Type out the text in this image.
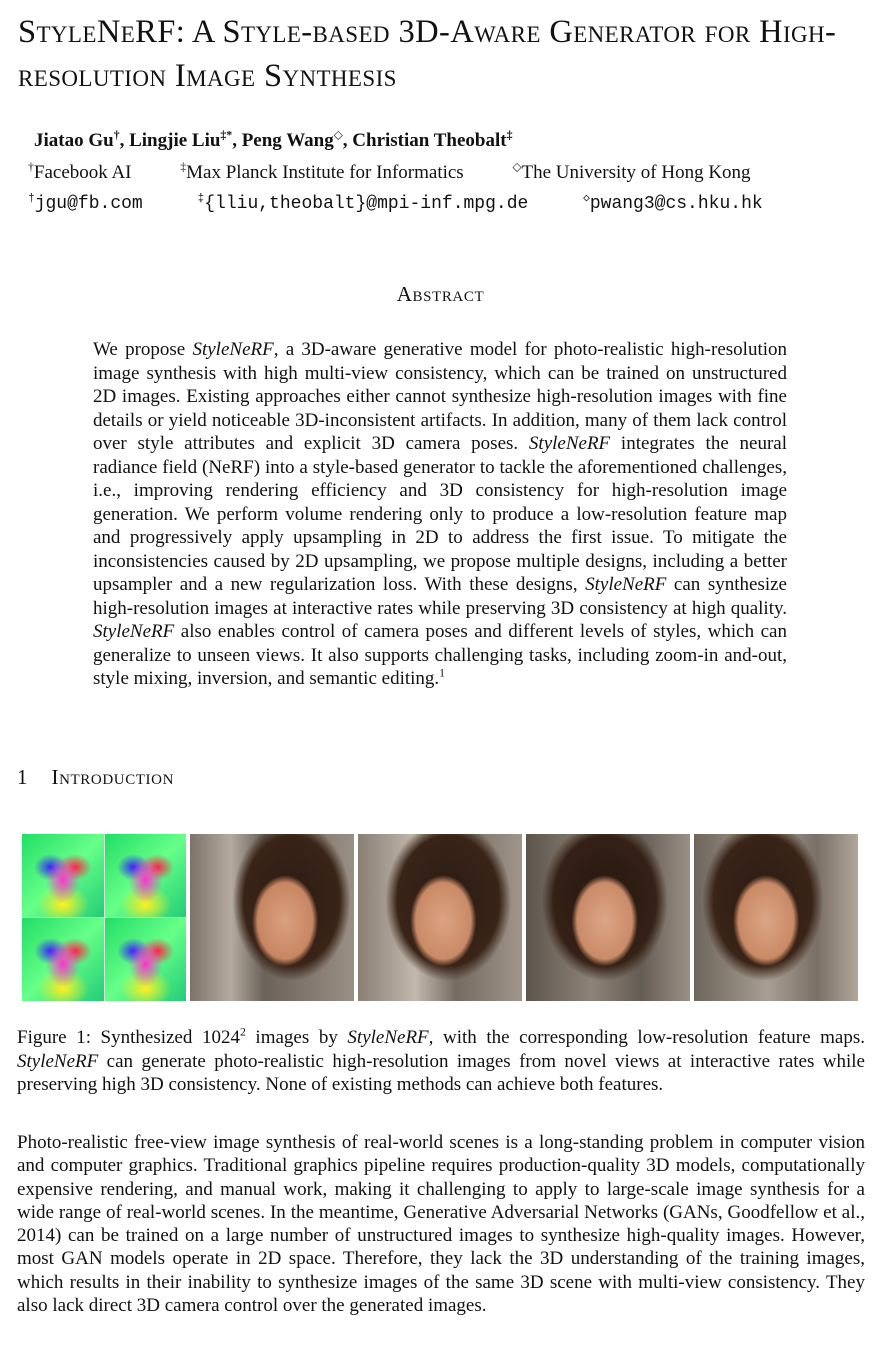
StyleNeRF: A Style-based 3D-Aware Generator for High-resolution Image Synthesis
Jiatao Gu†, Lingjie Liu‡*, Peng Wang◇, Christian Theobalt‡
†Facebook AI	‡Max Planck Institute for Informatics	◇The University of Hong Kong
†jgu@fb.com	‡{lliu,theobalt}@mpi-inf.mpg.de	◇pwang3@cs.hku.hk
Abstract

We propose StyleNeRF, a 3D-aware generative model for photo-realistic high-resolution image synthesis with high multi-view consistency, which can be trained on unstructured 2D images. Existing approaches either cannot synthesize high-resolution images with fine details or yield noticeable 3D-inconsistent artifacts. In addition, many of them lack control over style attributes and explicit 3D camera poses. StyleNeRF integrates the neural radiance field (NeRF) into a style-based generator to tackle the aforementioned challenges, i.e., improving rendering efficiency and 3D consistency for high-resolution image generation. We perform volume rendering only to produce a low-resolution feature map and progressively apply upsampling in 2D to address the first issue. To mitigate the inconsistencies caused by 2D upsampling, we propose multiple designs, including a better upsampler and a new regularization loss. With these designs, StyleNeRF can synthesize high-resolution images at interactive rates while preserving 3D consistency at high quality. StyleNeRF also enables control of camera poses and different levels of styles, which can generalize to unseen views. It also supports challenging tasks, including zoom-in and-out, style mixing, inversion, and semantic editing.$^1$

1 Introduction

Figure 1: Synthesized 1024$^2$ images by StyleNeRF, with the corresponding low-resolution feature maps. StyleNeRF can generate photo-realistic high-resolution images from novel views at interactive rates while preserving high 3D consistency. None of existing methods can achieve both features.

Photo-realistic free-view image synthesis of real-world scenes is a long-standing problem in computer vision and computer graphics. Traditional graphics pipeline requires production-quality 3D models, computationally expensive rendering, and manual work, making it challenging to apply to large-scale image synthesis for a wide range of real-world scenes. In the meantime, Generative Adversarial Networks (GANs, Goodfellow et al., 2014) can be trained on a large number of unstructured images to synthesize high-quality images. However, most GAN models operate in 2D space. Therefore, they lack the 3D understanding of the training images, which results in their inability to synthesize images of the same 3D scene with multi-view consistency. They also lack direct 3D camera control over the generated images.
